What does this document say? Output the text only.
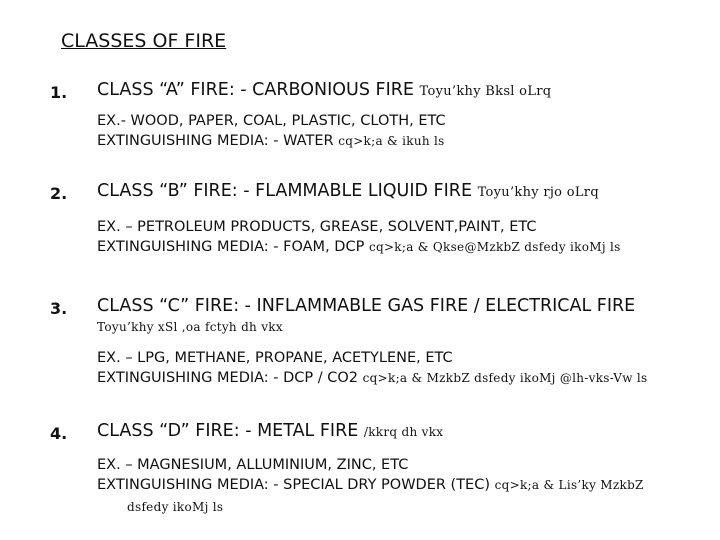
CLASSES OF FIRE
1. CLASS “A” FIRE: - CARBONIOUS FIRE Toyu’khy Bksl oLrq
EX.- WOOD, PAPER, COAL, PLASTIC, CLOTH, ETC
EXTINGUISHING MEDIA: - WATER cq>k;a & ikuh ls
2. CLASS “B” FIRE: - FLAMMABLE LIQUID FIRE Toyu’khy rjo oLrq
EX. – PETROLEUM PRODUCTS, GREASE, SOLVENT,PAINT, ETC
EXTINGUISHING MEDIA: - FOAM, DCP cq>k;a & Qkse@MzkbZ dsfedy ikoMj ls
3. CLASS “C” FIRE: - INFLAMMABLE GAS FIRE / ELECTRICAL FIRE
Toyu’khy xSl ,oa fctyh dh vkx
EX. – LPG, METHANE, PROPANE, ACETYLENE, ETC
EXTINGUISHING MEDIA: - DCP / CO2 cq>k;a & MzkbZ dsfedy ikoMj @lh-vks-Vw ls
4. CLASS “D” FIRE: - METAL FIRE /kkrq dh vkx
EX. – MAGNESIUM, ALLUMINIUM, ZINC, ETC
EXTINGUISHING MEDIA: - SPECIAL DRY POWDER (TEC) cq>k;a & Lis’ky MzkbZ
dsfedy ikoMj ls
